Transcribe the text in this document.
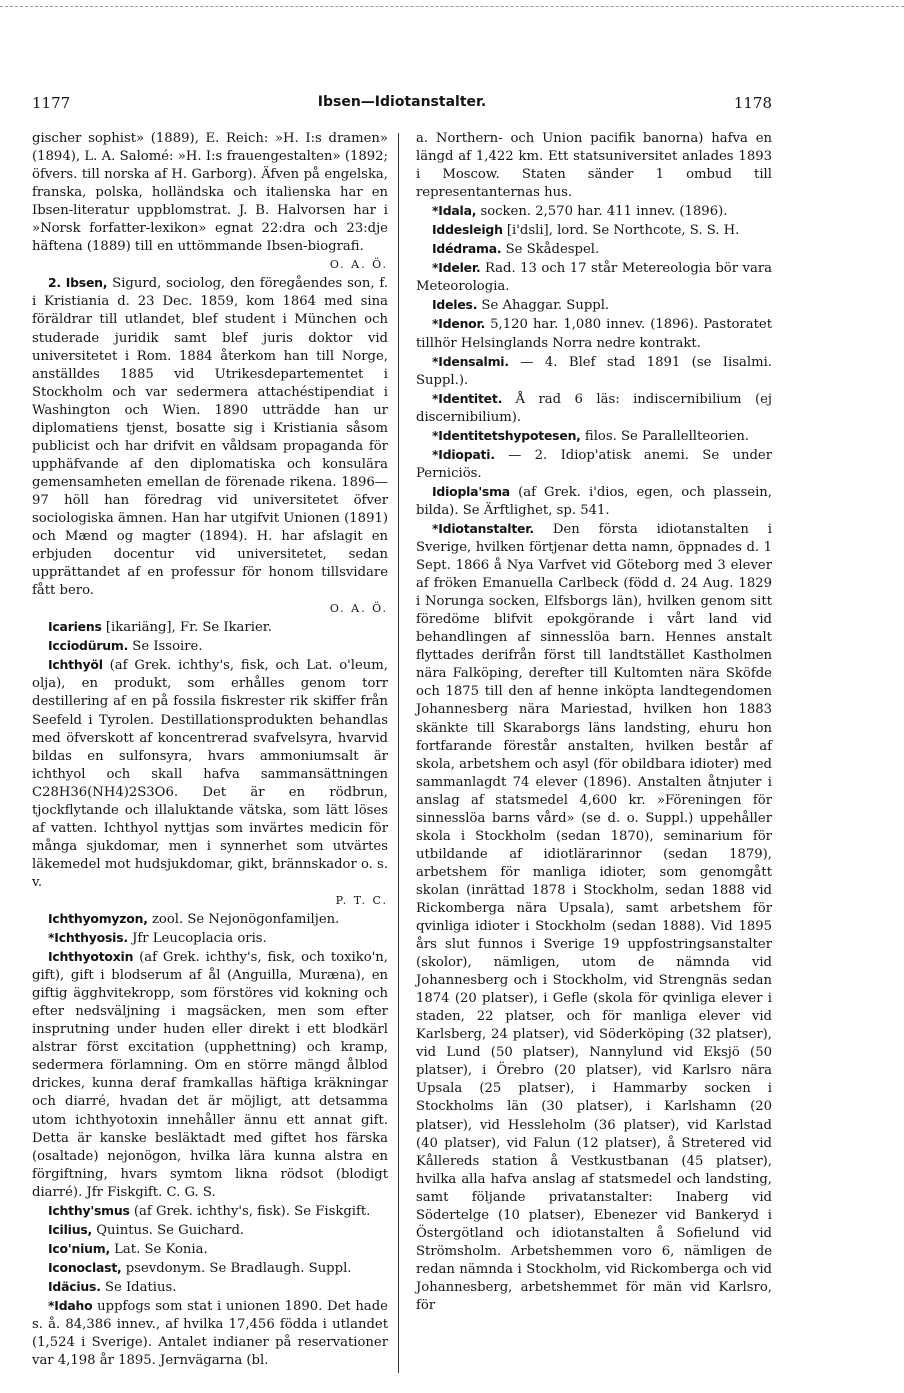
1177	Ibsen—Idiotanstalter.	1178

gischer sophist» (1889), E. Reich: »H. I:s dramen» (1894), L. A. Salomé: »H. I:s frauengestalten» (1892; öfvers. till norska af H. Garborg). Äfven på engelska, franska, polska, holländska och italienska har en Ibsen-literatur uppblomstrat. J. B. Halvorsen har i »Norsk forfatter-lexikon» egnat 22:dra och 23:dje häftena (1889) till en uttömmande Ibsen-biografi.

O. A. Ö.

2. Ibsen, Sigurd, sociolog, den föregåendes son, f. i Kristiania d. 23 Dec. 1859, kom 1864 med sina föräldrar till utlandet, blef student i München och studerade juridik samt blef juris doktor vid universitetet i Rom. 1884 återkom han till Norge, anställdes 1885 vid Utrikesdepartementet i Stockholm och var sedermera attachéstipendiat i Washington och Wien. 1890 utträdde han ur diplomatiens tjenst, bosatte sig i Kristiania såsom publicist och har drifvit en våldsam propaganda för upphäfvande af den diplomatiska och konsulära gemensamheten emellan de förenade rikena. 1896—97 höll han föredrag vid universitetet öfver sociologiska ämnen. Han har utgifvit Unionen (1891) och Mænd og magter (1894). H. har afslagit en erbjuden docentur vid universitetet, sedan upprättandet af en professur för honom tillsvidare fått bero.

O. A. Ö.

Icariens [ikariäng], Fr. Se Ikarier.

Icciodürum. Se Issoire.

Ichthyöl (af Grek. ichthy's, fisk, och Lat. o'leum, olja), en produkt, som erhålles genom torr destillering af en på fossila fiskrester rik skiffer från Seefeld i Tyrolen. Destillationsprodukten behandlas med öfverskott af koncentrerad svafvelsyra, hvarvid bildas en sulfonsyra, hvars ammoniumsalt är ichthyol och skall hafva sammansättningen C28H36(NH4)2S3O6. Det är en rödbrun, tjockflytande och illaluktande vätska, som lätt löses af vatten. Ichthyol nyttjas som invärtes medicin för många sjukdomar, men i synnerhet som utvärtes läkemedel mot hudsjukdomar, gikt, brännskador o. s. v.

P. T. C.

Ichthyomyzon, zool. Se Nejonögonfamiljen.

*Ichthyosis. Jfr Leucoplacia oris.

Ichthyotoxin (af Grek. ichthy's, fisk, och toxiko'n, gift), gift i blodserum af ål (Anguilla, Muræna), en giftig ägghvitekropp, som förstöres vid kokning och efter nedsväljning i magsäcken, men som efter insprutning under huden eller direkt i ett blodkärl alstrar först excitation (upphettning) och kramp, sedermera förlamning. Om en större mängd ålblod drickes, kunna deraf framkallas häftiga kräkningar och diarré, hvadan det är möjligt, att detsamma utom ichthyotoxin innehåller ännu ett annat gift. Detta är kanske besläktadt med giftet hos färska (osaltade) nejonögon, hvilka lära kunna alstra en förgiftning, hvars symtom likna rödsot (blodigt diarré). Jfr Fiskgift. C. G. S.

Ichthy'smus (af Grek. ichthy's, fisk). Se Fiskgift.

Icilius, Quintus. Se Guichard.

Ico'nium, Lat. Se Konia.

Iconoclast, psevdonym. Se Bradlaugh. Suppl.

Idäcius. Se Idatius.

*Idaho uppfogs som stat i unionen 1890. Det hade s. å. 84,386 innev., af hvilka 17,456 födda i utlandet (1,524 i Sverige). Antalet indianer på reservationer var 4,198 år 1895. Jernvägarna (bl.

a. Northern- och Union pacifik banorna) hafva en längd af 1,422 km. Ett statsuniversitet anlades 1893 i Moscow. Staten sänder 1 ombud till representanternas hus.

*Idala, socken. 2,570 har. 411 innev. (1896).

Iddesleigh [i'dsli], lord. Se Northcote, S. S. H.

Idédrama. Se Skådespel.

*Ideler. Rad. 13 och 17 står Metereologia bör vara Meteorologia.

Ideles. Se Ahaggar. Suppl.

*Idenor. 5,120 har. 1,080 innev. (1896). Pastoratet tillhör Helsinglands Norra nedre kontrakt.

*Idensalmi. — 4. Blef stad 1891 (se Iisalmi. Suppl.).

*Identitet. Å rad 6 läs: indiscernibilium (ej discernibilium).

*Identitetshypotesen, filos. Se Parallellteorien.

*Idiopati. — 2. Idiop'atisk anemi. Se under Perniciös.

Idiopla'sma (af Grek. i'dios, egen, och plassein, bilda). Se Ärftlighet, sp. 541.

*Idiotanstalter. Den första idiotanstalten i Sverige, hvilken förtjenar detta namn, öppnades d. 1 Sept. 1866 å Nya Varfvet vid Göteborg med 3 elever af fröken Emanuella Carlbeck (född d. 24 Aug. 1829 i Norunga socken, Elfsborgs län), hvilken genom sitt föredöme blifvit epokgörande i vårt land vid behandlingen af sinnesslöa barn. Hennes anstalt flyttades derifrån först till landtstället Kastholmen nära Falköping, derefter till Kultomten nära Sköfde och 1875 till den af henne inköpta landtegendomen Johannesberg nära Mariestad, hvilken hon 1883 skänkte till Skaraborgs läns landsting, ehuru hon fortfarande förestår anstalten, hvilken består af skola, arbetshem och asyl (för obildbara idioter) med sammanlagdt 74 elever (1896). Anstalten åtnjuter i anslag af statsmedel 4,600 kr. »Föreningen för sinnesslöa barns vård» (se d. o. Suppl.) uppehåller skola i Stockholm (sedan 1870), seminarium för utbildande af idiotlärarinnor (sedan 1879), arbetshem för manliga idioter, som genomgått skolan (inrättad 1878 i Stockholm, sedan 1888 vid Rickomberga nära Upsala), samt arbetshem för qvinliga idioter i Stockholm (sedan 1888). Vid 1895 års slut funnos i Sverige 19 uppfostringsanstalter (skolor), nämligen, utom de nämnda vid Johannesberg och i Stockholm, vid Strengnäs sedan 1874 (20 platser), i Gefle (skola för qvinliga elever i staden, 22 platser, och för manliga elever vid Karlsberg, 24 platser), vid Söderköping (32 platser), vid Lund (50 platser), Nannylund vid Eksjö (50 platser), i Örebro (20 platser), vid Karlsro nära Upsala (25 platser), i Hammarby socken i Stockholms län (30 platser), i Karlshamn (20 platser), vid Hessleholm (36 platser), vid Karlstad (40 platser), vid Falun (12 platser), å Stretered vid Kållereds station å Vestkustbanan (45 platser), hvilka alla hafva anslag af statsmedel och landsting, samt följande privatanstalter: Inaberg vid Södertelge (10 platser), Ebenezer vid Bankeryd i Östergötland och idiotanstalten å Sofielund vid Strömsholm. Arbetshemmen voro 6, nämligen de redan nämnda i Stockholm, vid Rickomberga och vid Johannesberg, arbetshemmet för män vid Karlsro, för
